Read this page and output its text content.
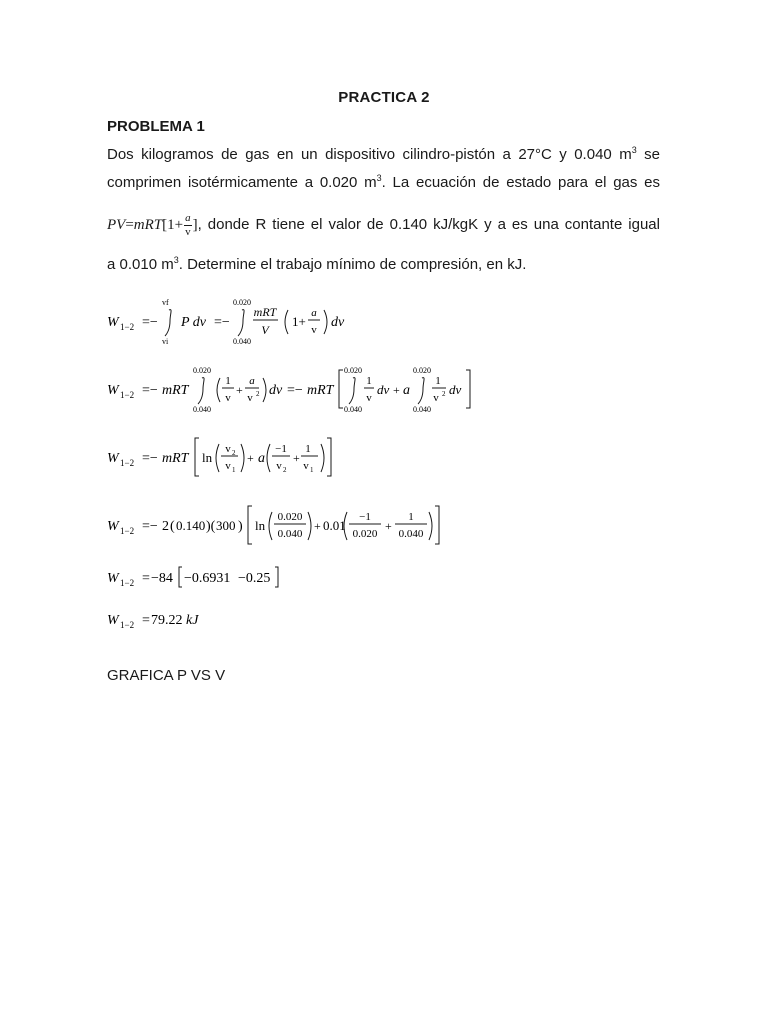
PRACTICA 2
PROBLEMA 1
Dos kilogramos de gas en un dispositivo cilindro-pistón a 27°C y 0.040 $m^3$ se
comprimen isotérmicamente a 0.020 $m^3$. La ecuación de estado para el gas es
$PV=mRT[1+ \frac{a}{v}$ ], donde R tiene el valor de 0.140 kJ/kgK y a es una contante igual
a 0.010 $m^3$. Determine el trabajo mínimo de compresión, en kJ.
W 1−2 =−
vf
vi
P dv =−
0.020
0.040
mRT
V
1+
a
v dv
W 1−2 =− mRT
0.020
0.040
1
v
+
a
v 2 dv =− mRT
0.020
0.040
1
v
dv + a
0.020
0.040
1
v 2 dv
W 1−2 =− mRT ln
v 2
v 1
+ a
−1
v 2
+
1
v 1
W 1−2 =− 2 ( 0.140 )( 300 ) ln
0.020
0.040
+ 0.01
−1
0.020
+
1
0.040
W 1−2 = −84 −0.6931 −0.25
W 1−2 = 79.22 kJ
GRAFICA P VS V
